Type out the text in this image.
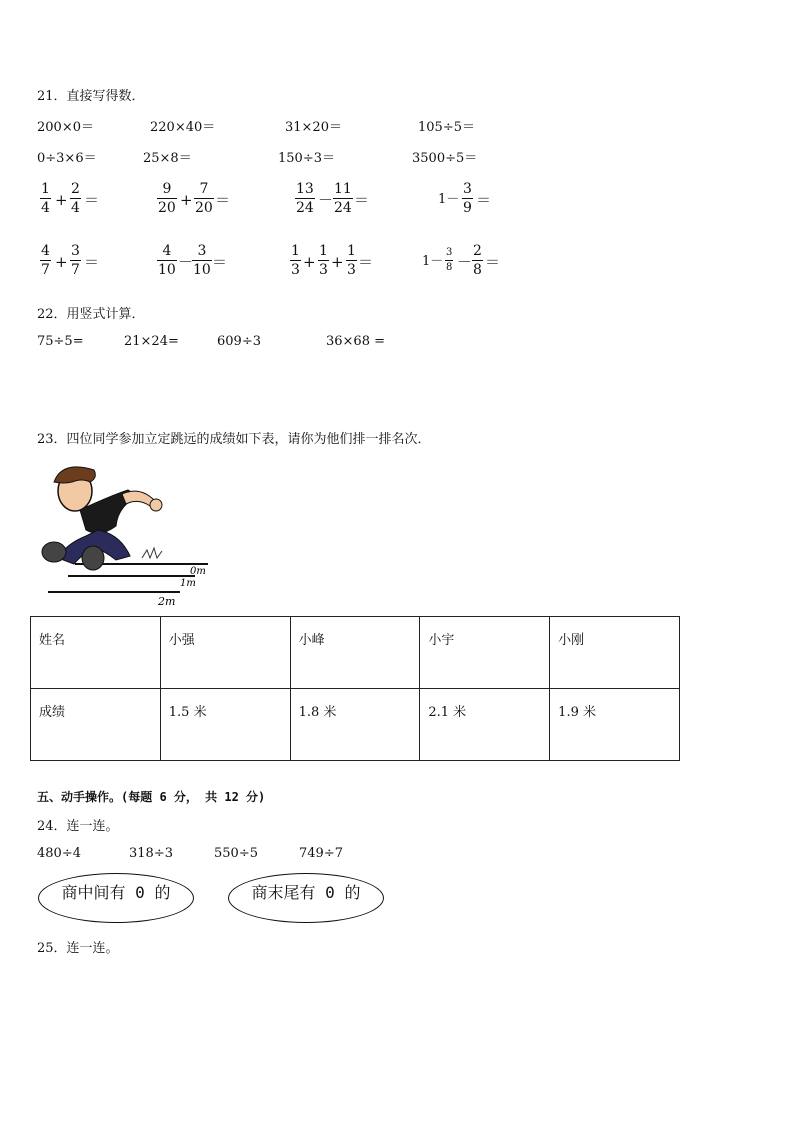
21．直接写得数．
200×0＝	220×40＝	31×20＝	105÷5＝
0÷3×6＝	25×8＝	150÷3＝	3500÷5＝
1
4 +
2
4 ＝
9
20 +
7
20 ＝
13
24 －
11
24 ＝	1－
3
9 ＝
4
7 +
3
7 ＝
4
10 －
3
10 ＝
1
3 +
1
3 +
1
3 ＝	1－
3
8 －
2
8 ＝
22．用竖式计算．
75÷5=	21×24=	609÷3	36×68 =
23．四位同学参加立定跳远的成绩如下表，请你为他们排一排名次．
0m
1m
2m
姓名	小强	小峰	小宇	小刚
成绩	1.5 米	1.8 米	2.1 米	1.9 米
五、动手操作。(每题 6 分， 共 12 分)
24．连一连。
480÷4	318÷3	550÷5	749÷7
商中间有 0 的	商末尾有 0 的
25．连一连。
